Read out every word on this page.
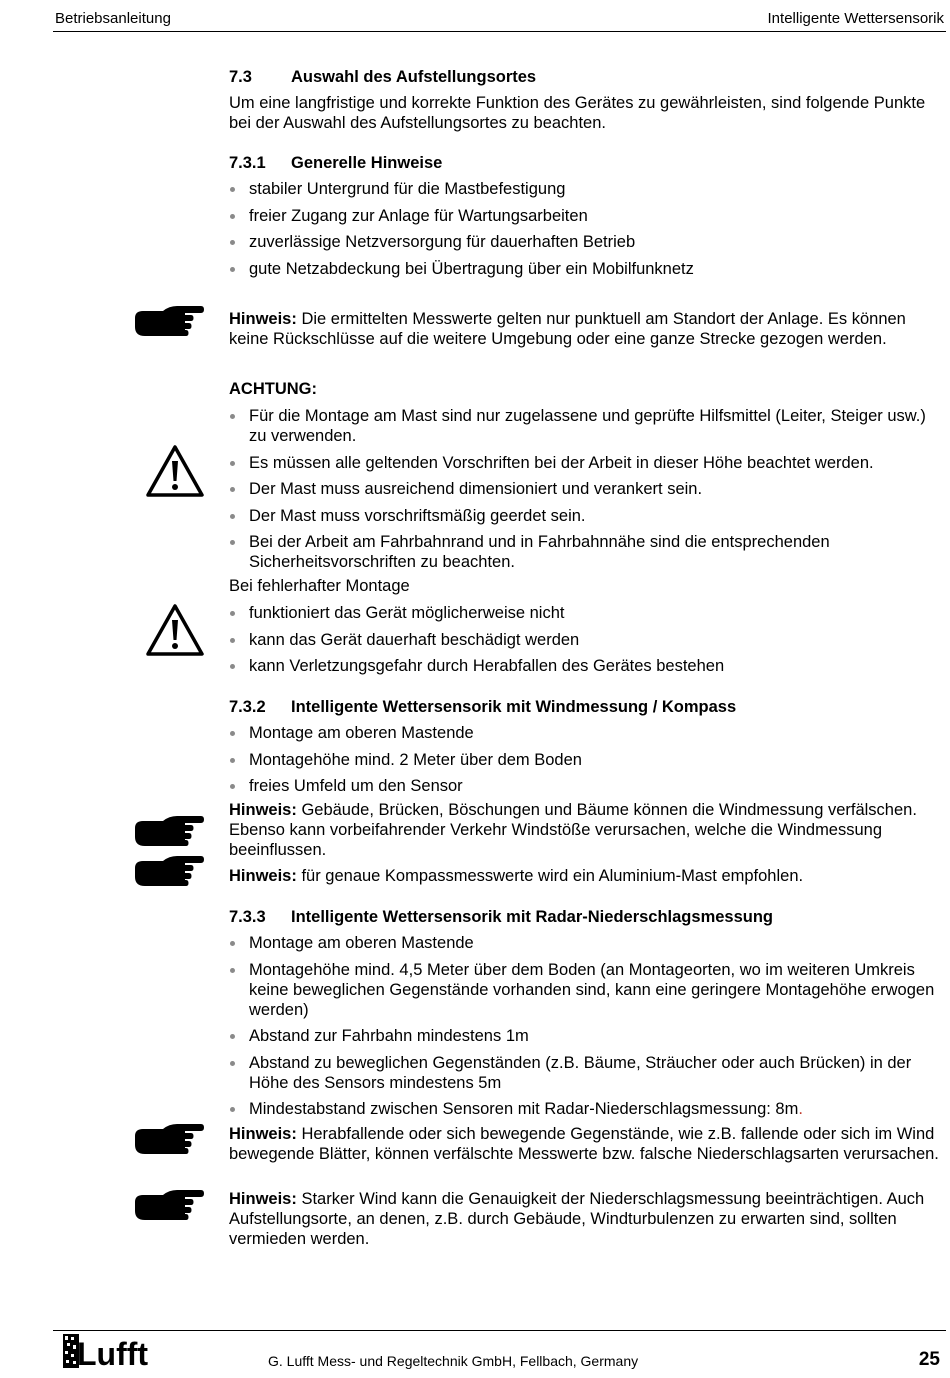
Betriebsanleitung	Intelligente Wettersensorik
7.3 Auswahl des Aufstellungsortes

Um eine langfristige und korrekte Funktion des Gerätes zu gewährleisten, sind folgende Punkte bei der Auswahl des Aufstellungsortes zu beachten.

7.3.1 Generelle Hinweise
stabiler Untergrund für die Mastbefestigung
freier Zugang zur Anlage für Wartungsarbeiten
zuverlässige Netzversorgung für dauerhaften Betrieb
gute Netzabdeckung bei Übertragung über ein Mobilfunknetz

Hinweis: Die ermittelten Messwerte gelten nur punktuell am Standort der Anlage. Es können keine Rückschlüsse auf die weitere Umgebung oder eine ganze Strecke gezogen werden.

ACHTUNG:
Für die Montage am Mast sind nur zugelassene und geprüfte Hilfsmittel (Leiter, Steiger usw.) zu verwenden.
Es müssen alle geltenden Vorschriften bei der Arbeit in dieser Höhe beachtet werden.
Der Mast muss ausreichend dimensioniert und verankert sein.
Der Mast muss vorschriftsmäßig geerdet sein.
Bei der Arbeit am Fahrbahnrand und in Fahrbahnnähe sind die entsprechenden Sicherheitsvorschriften zu beachten.

Bei fehlerhafter Montage

funktioniert das Gerät möglicherweise nicht
kann das Gerät dauerhaft beschädigt werden
kann Verletzungsgefahr durch Herabfallen des Gerätes bestehen
7.3.2 Intelligente Wettersensorik mit Windmessung / Kompass
Montage am oberen Mastende
Montagehöhe mind. 2 Meter über dem Boden
freies Umfeld um den Sensor

Hinweis: Gebäude, Brücken, Böschungen und Bäume können die Windmessung verfälschen. Ebenso kann vorbeifahrender Verkehr Windstöße verursachen, welche die Windmessung beeinflussen.

Hinweis: für genaue Kompassmesswerte wird ein Aluminium-Mast empfohlen.

7.3.3 Intelligente Wettersensorik mit Radar-Niederschlagsmessung
Montage am oberen Mastende
Montagehöhe mind. 4,5 Meter über dem Boden (an Montageorten, wo im weiteren Umkreis keine beweglichen Gegenstände vorhanden sind, kann eine geringere Montagehöhe erwogen werden)
Abstand zur Fahrbahn mindestens 1m
Abstand zu beweglichen Gegenständen (z.B. Bäume, Sträucher oder auch Brücken) in der Höhe des Sensors mindestens 5m
Mindestabstand zwischen Sensoren mit Radar-Niederschlagsmessung: 8m.

Hinweis: Herabfallende oder sich bewegende Gegenstände, wie z.B. fallende oder sich im Wind bewegende Blätter, können verfälschte Messwerte bzw. falsche Niederschlagsarten verursachen.

Hinweis: Starker Wind kann die Genauigkeit der Niederschlagsmessung beeinträchtigen. Auch Aufstellungsorte, an denen, z.B. durch Gebäude, Windturbulenzen zu erwarten sind, sollten vermieden werden.

Lufft	G. Lufft Mess- und Regeltechnik GmbH, Fellbach, Germany	25
